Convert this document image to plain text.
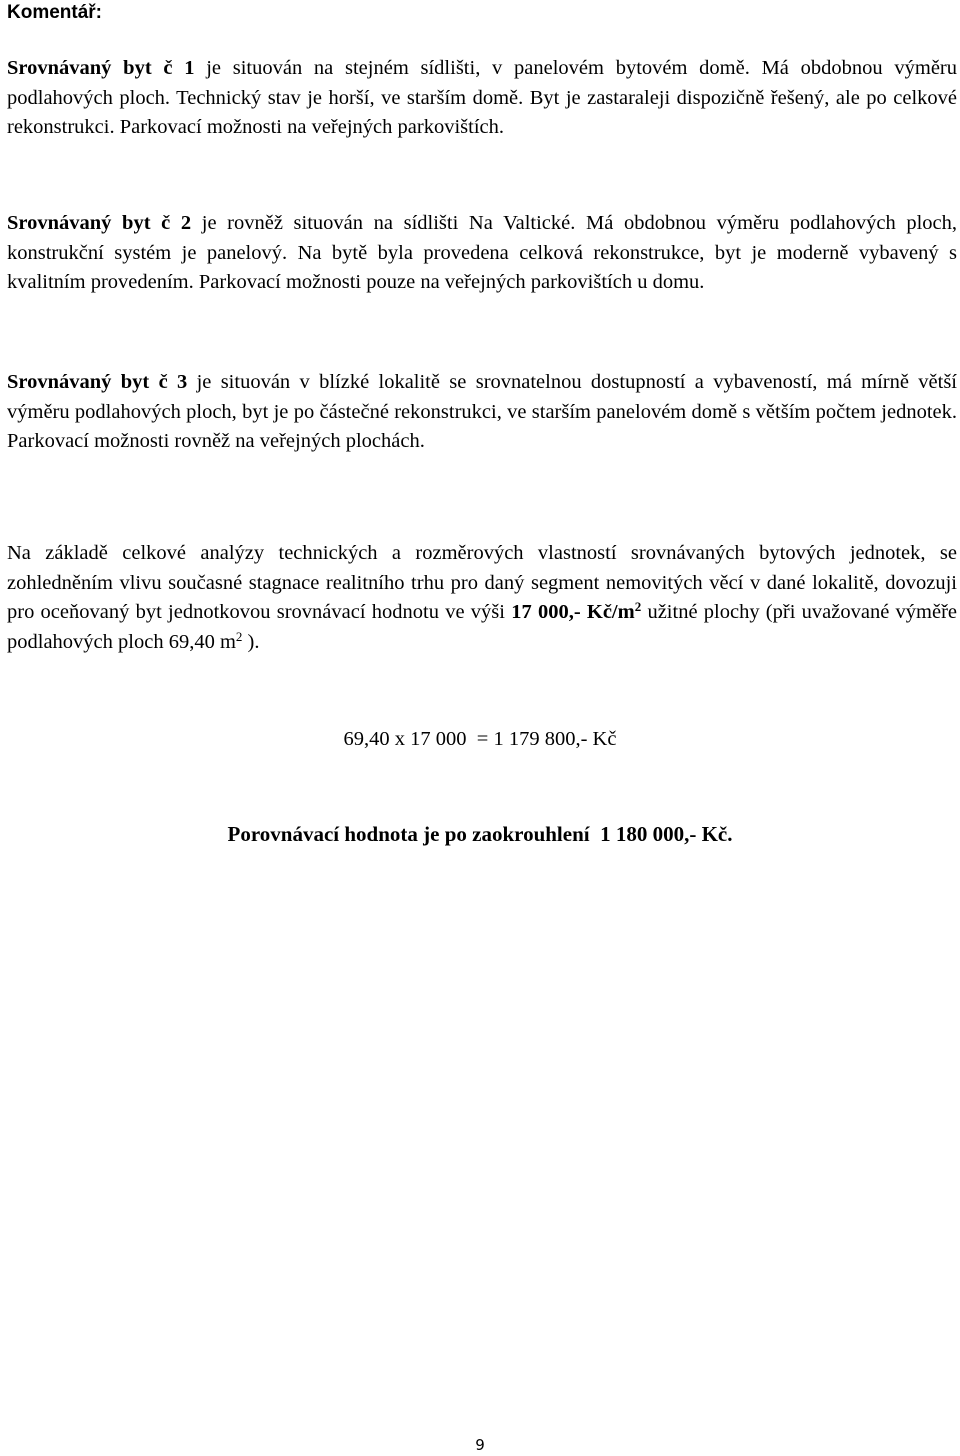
Komentář:

Srovnávaný byt č 1 je situován na stejném sídlišti, v panelovém bytovém domě. Má obdobnou výměru podlahových ploch. Technický stav je horší, ve starším domě. Byt je zastaraleji dispozičně řešený, ale po celkové rekonstrukci. Parkovací možnosti na veřejných parkovištích.

Srovnávaný byt č 2 je rovněž situován na sídlišti Na Valtické. Má obdobnou výměru podlahových ploch, konstrukční systém je panelový. Na bytě byla provedena celková rekonstrukce, byt je moderně vybavený s kvalitním provedením. Parkovací možnosti pouze na veřejných parkovištích u domu.

Srovnávaný byt č 3 je situován v blízké lokalitě se srovnatelnou dostupností a vybaveností, má mírně větší výměru podlahových ploch, byt je po částečné rekonstrukci, ve starším panelovém domě s větším počtem jednotek. Parkovací možnosti rovněž na veřejných plochách.

Na základě celkové analýzy technických a rozměrových vlastností srovnávaných bytových jednotek, se zohledněním vlivu současné stagnace realitního trhu pro daný segment nemovitých věcí v dané lokalitě, dovozuji pro oceňovaný byt jednotkovou srovnávací hodnotu ve výši 17 000,- $Kč/m^2$ užitné plochy (při uvažované výměře podlahových ploch 69,40 $m^2$ ).

69,40 x 17 000  = 1 179 800,- Kč
Porovnávací hodnota je po zaokrouhlení  1 180 000,- Kč.
9
